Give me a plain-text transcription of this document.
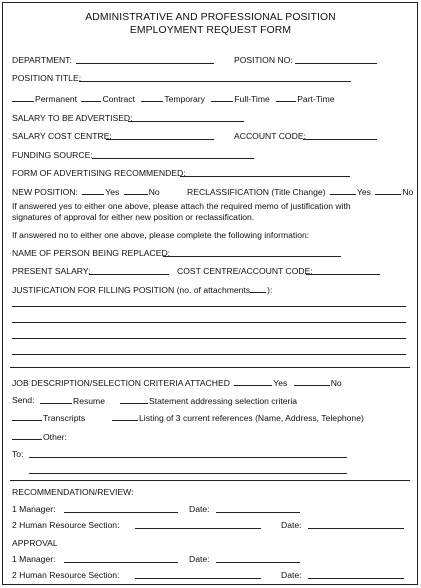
ADMINISTRATIVE AND PROFESSIONAL POSITION
EMPLOYMENT REQUEST FORM
DEPARTMENT:	POSITION NO:
POSITION TITLE:
Permanent	Contract	Temporary	Full-Time	Part-Time
SALARY TO BE ADVERTISED:
SALARY COST CENTRE:	ACCOUNT CODE:
FUNDING SOURCE:
FORM OF ADVERTISING RECOMMENDED:
NEW POSITION:	Yes	No	RECLASSIFICATION (Title Change)	Yes	No
If answered yes to either one above, please attach the required memo of justification with
signatures of approval for either new position or reclassification.
If answered no to either one above, please complete the following information:
NAME OF PERSON BEING REPLACED:
PRESENT SALARY:	COST CENTRE/ACCOUNT CODE:
JUSTIFICATION FOR FILLING POSITION (no. of attachments ):
JOB DESCRIPTION/SELECTION CRITERIA ATTACHED	Yes	No
Send:	Resume	Statement addressing selection criteria
Transcripts	Listing of 3 current references (Name, Address, Telephone)
Other:
To:
RECOMMENDATION/REVIEW:
1 Manager:	Date:
2 Human Resource Section:	Date:
APPROVAL
1 Manager:	Date:
2 Human Resource Section:	Date:
